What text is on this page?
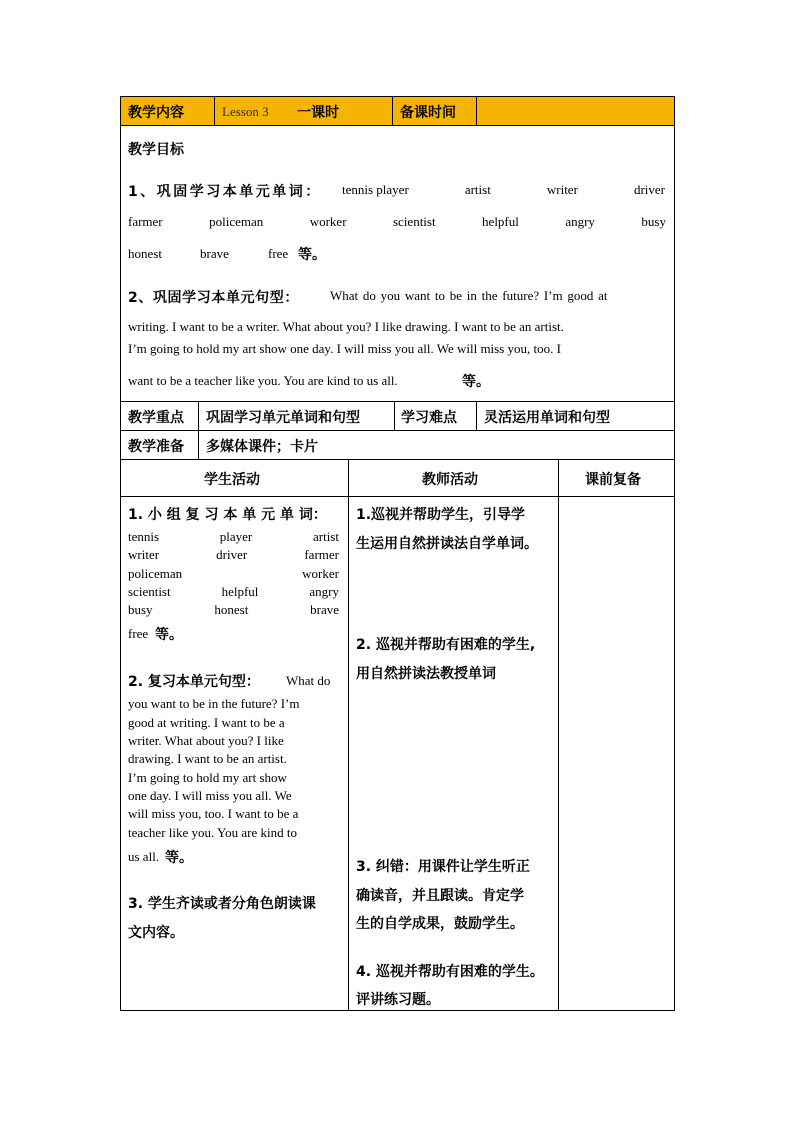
教学内容	Lesson 3 一课时	备课时间
教学目标
1、巩固学习本单元单词： tennis player	artist	writer	driver
farmer	policeman	worker	scientist	helpful	angry	busy
honest	brave	free 等。
2、巩固学习本单元句型： What do you want to be in the future? I’m good at
writing. I want to be a writer. What about you? I like drawing. I want to be an artist.
I’m going to hold my art show one day. I will miss you all. We will miss you, too. I
want to be a teacher like you. You are kind to us all.	等。
教学重点 巩固学习单元单词和句型	学习难点 灵活运用单词和句型
教学准备 多媒体课件；卡片
学生活动	教师活动	课前复备
1. 小 组 复 习 本 单 元 单 词：
tennis	player	artist
writer	driver	farmer
policeman	worker
scientist	helpful	angry
busy	honest	brave
free 等。
2. 复习本单元句型： What do
you want to be in the future? I’m
good at writing. I want to be a
writer. What about you? I like
drawing. I want to be an artist.
I’m going to hold my art show
one day. I will miss you all. We
will miss you, too. I want to be a
teacher like you. You are kind to
us all. 等。
3. 学生齐读或者分角色朗读课
文内容。
1.巡视并帮助学生，引导学
生运用自然拼读法自学单词。
2. 巡视并帮助有困难的学生,
用自然拼读法教授单词
3. 纠错：用课件让学生听正
确读音，并且跟读。肯定学
生的自学成果，鼓励学生。
4. 巡视并帮助有困难的学生。
评讲练习题。
